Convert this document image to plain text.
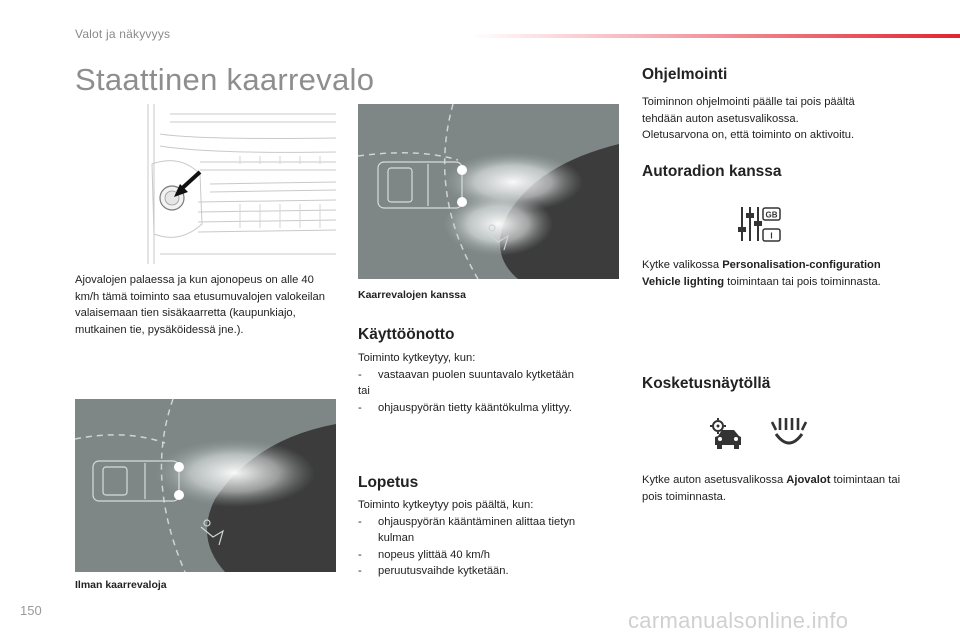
Valot ja näkyvyys
Staattinen kaarrevalo
Ajovalojen palaessa ja kun ajonopeus on alle 40 km/h tämä toiminto saa etusumuvalojen valokeilan valaisemaan tien sisäkaarretta (kaupunkiajo, mutkainen tie, pysäköidessä jne.).
Kaarrevalojen kanssa
Käyttöönotto
Toiminto kytkeytyy, kun:
- vastaavan puolen suuntavalo kytketään
tai
- ohjauspyörän tietty kääntökulma ylittyy.
Ilman kaarrevaloja
Lopetus
Toiminto kytkeytyy pois päältä, kun:
- ohjauspyörän kääntäminen alittaa tietyn kulman
- nopeus ylittää 40 km/h
- peruutusvaihde kytketään.
Ohjelmointi
Toiminnon ohjelmointi päälle tai pois päältä tehdään auton asetusvalikossa.
Oletusarvona on, että toiminto on aktivoitu.
Autoradion kanssa
GB
I
Kytke valikossa Personalisation-configuration Vehicle lighting toimintaan tai pois toiminnasta.
Kosketusnäytöllä
Kytke auton asetusvalikossa Ajovalot toimintaan tai pois toiminnasta.
150	carmanualsonline.info
